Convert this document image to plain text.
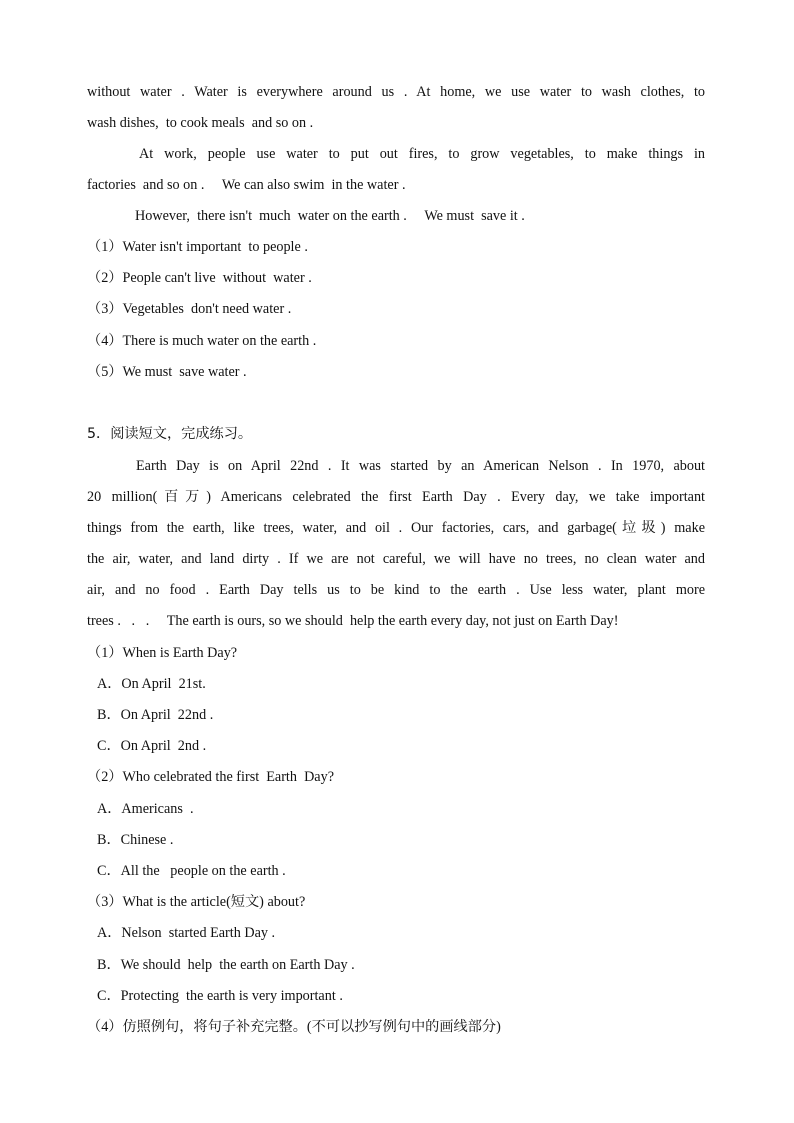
without water . Water is everywhere around us . At home, we use water to wash clothes, to
wash dishes,  to cook meals  and so on .
At work, people use water to put out fires, to grow vegetables, to make things in
factories  and so on .     We can also swim  in the water .
However,  there isn't  much  water on the earth .     We must  save it .
（1）Water isn't important  to people .
（2）People can't live  without  water .
（3）Vegetables  don't need water .
（4）There is much water on the earth .
（5）We must  save water .
5．阅读短文，完成练习。
Earth Day is on April 22nd . It was started by an American Nelson . In 1970, about
20 million(百万) Americans celebrated the first Earth Day . Every day, we take important
things from the earth, like trees, water, and oil . Our factories, cars, and garbage(垃圾) make
the air, water, and land dirty . If we are not careful, we will have no trees, no clean water and
air, and no food . Earth Day tells us to be kind to the earth . Use less water, plant more
trees .   .   .     The earth is ours, so we should  help the earth every day, not just on Earth Day!
（1）When is Earth Day?
A．On April  21st.
B．On April  22nd .
C．On April  2nd .
（2）Who celebrated the first  Earth  Day?
A．Americans  .
B．Chinese .
C．All the   people on the earth .
（3）What is the article(短文) about?
A．Nelson  started Earth Day .
B．We should  help  the earth on Earth Day .
C．Protecting  the earth is very important .
（4）仿照例句，将句子补充完整。(不可以抄写例句中的画线部分)
